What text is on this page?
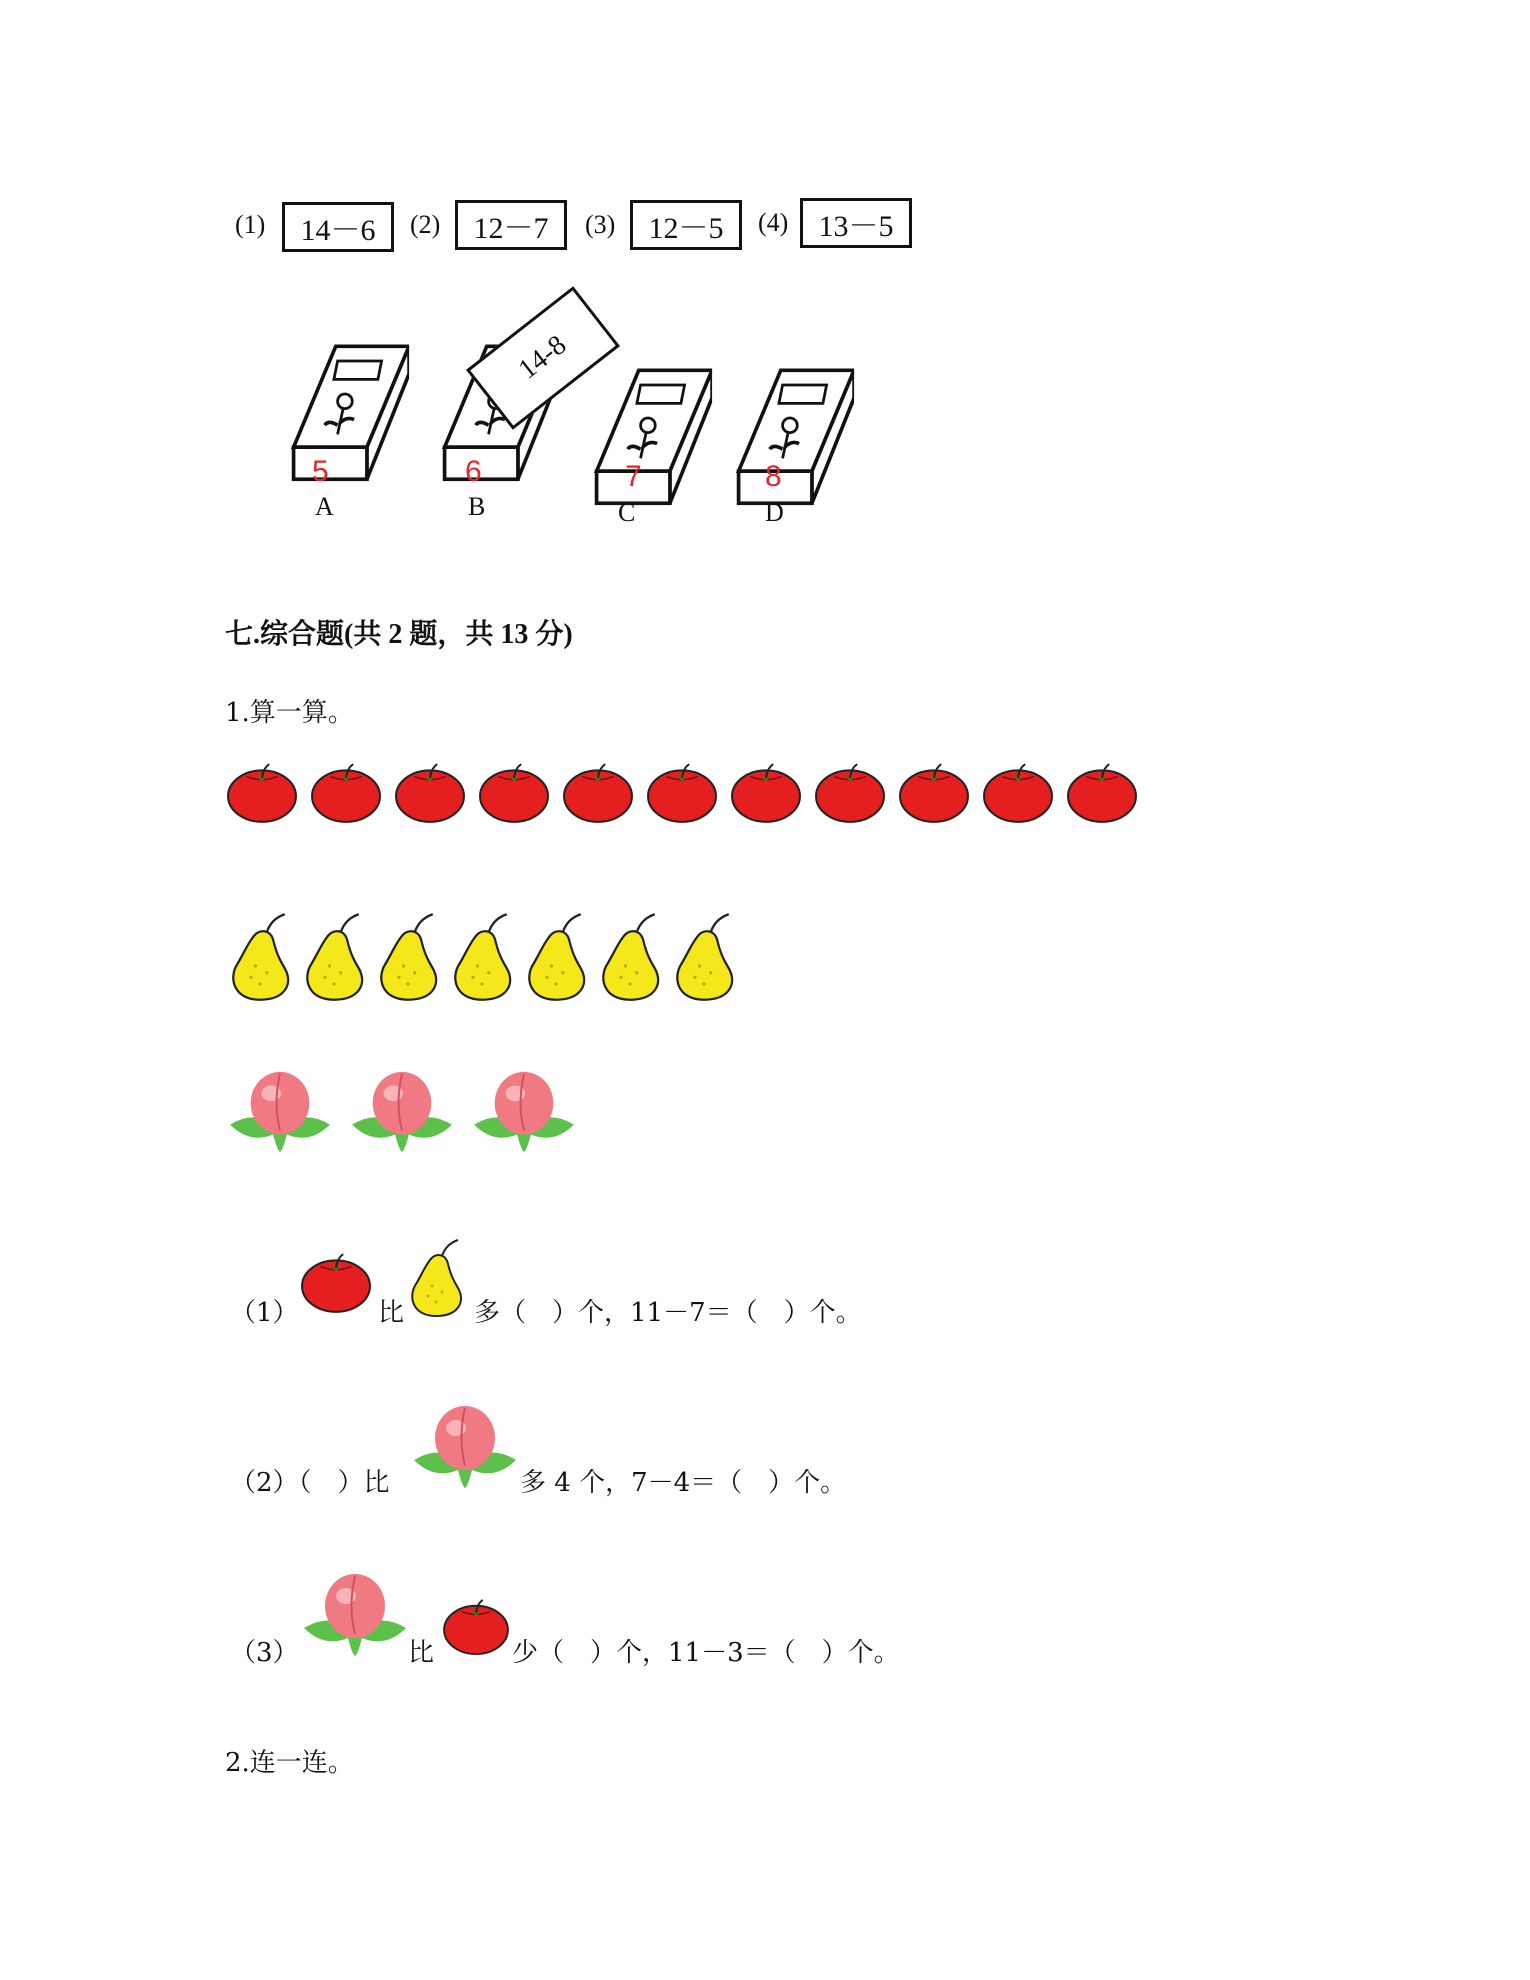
(1)	14－6	(2)	12－7	(3)	12－5	(4)	13－5
5
A
14-8
6
B
7
C
8
D
七.综合题(共 2 题，共 13 分)
1.算一算。
（1）	比	多（　）个，11－7＝（　）个。
（2）（　）比	多 4 个，7－4＝（　）个。
（3）	比	少（　）个，11－3＝（　）个。
2.连一连。
